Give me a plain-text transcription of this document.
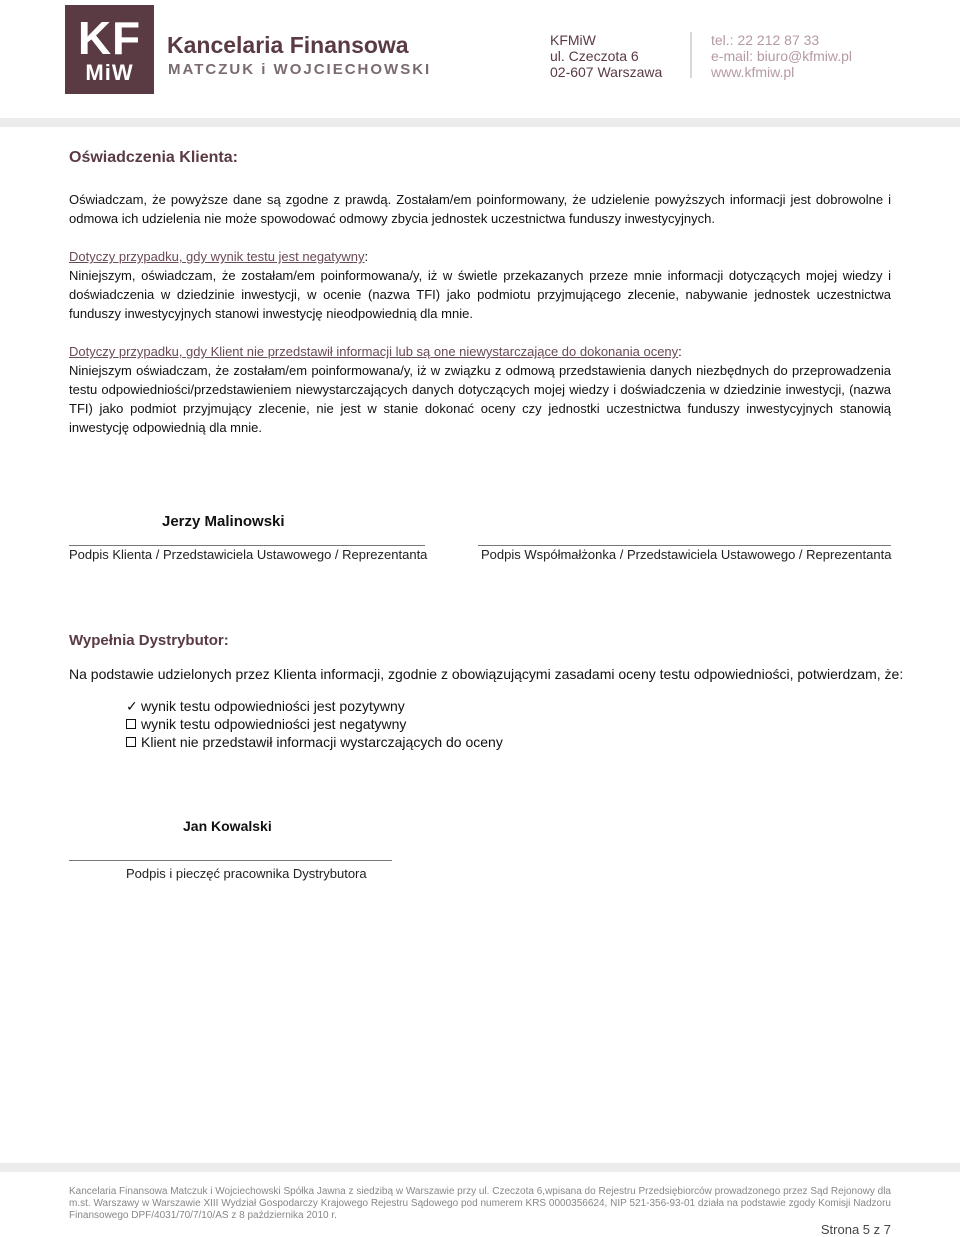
KF
MiW
Kancelaria Finansowa
MATCZUK i WOJCIECHOWSKI
KFMiW
ul. Czeczota 6
02-607 Warszawa
tel.: 22 212 87 33
e-mail: biuro@kfmiw.pl
www.kfmiw.pl
Oświadczenia Klienta:
Oświadczam, że powyższe dane są zgodne z prawdą. Zostałam/em poinformowany, że udzielenie powyższych informacji jest dobrowolne i odmowa ich udzielenia nie może spowodować odmowy zbycia jednostek uczestnictwa funduszy inwestycyjnych.
Dotyczy przypadku, gdy wynik testu jest negatywny:
Niniejszym, oświadczam, że zostałam/em poinformowana/y, iż w świetle przekazanych przeze mnie informacji dotyczących mojej wiedzy i doświadczenia w dziedzinie inwestycji, w ocenie (nazwa TFI) jako podmiotu przyjmującego zlecenie, nabywanie jednostek uczestnictwa funduszy inwestycyjnych stanowi inwestycję nieodpowiednią dla mnie.
Dotyczy przypadku, gdy Klient nie przedstawił informacji lub są one niewystarczające do dokonania oceny:
Niniejszym oświadczam, że zostałam/em poinformowana/y, iż w związku z odmową przedstawienia danych niezbędnych do przeprowadzenia testu odpowiedniości/przedstawieniem niewystarczających danych dotyczących mojej wiedzy i doświadczenia w dziedzinie inwestycji, (nazwa TFI) jako podmiot przyjmujący zlecenie, nie jest w stanie dokonać oceny czy jednostki uczestnictwa funduszy inwestycyjnych stanowią inwestycję odpowiednią dla mnie.
Jerzy Malinowski
Podpis Klienta / Przedstawiciela Ustawowego / Reprezentanta	Podpis Współmałżonka / Przedstawiciela Ustawowego / Reprezentanta
Wypełnia Dystrybutor:
Na podstawie udzielonych przez Klienta informacji, zgodnie z obowiązującymi zasadami oceny testu odpowiedniości, potwierdzam, że:
✓ wynik testu odpowiedniości jest pozytywny
wynik testu odpowiedniości jest negatywny
Klient nie przedstawił informacji wystarczających do oceny
Jan Kowalski
Podpis i pieczęć pracownika Dystrybutora
Kancelaria Finansowa Matczuk i Wojciechowski Spółka Jawna z siedzibą w Warszawie przy ul. Czeczota 6,wpisana do Rejestru Przedsiębiorców prowadzonego przez Sąd Rejonowy dla m.st. Warszawy w Warszawie XIII Wydział Gospodarczy Krajowego Rejestru Sądowego pod numerem KRS 0000356624, NIP 521-356-93-01 działa na podstawie zgody Komisji Nadzoru Finansowego DPF/4031/70/7/10/AS z 8 października 2010 r.
Strona 5 z 7
